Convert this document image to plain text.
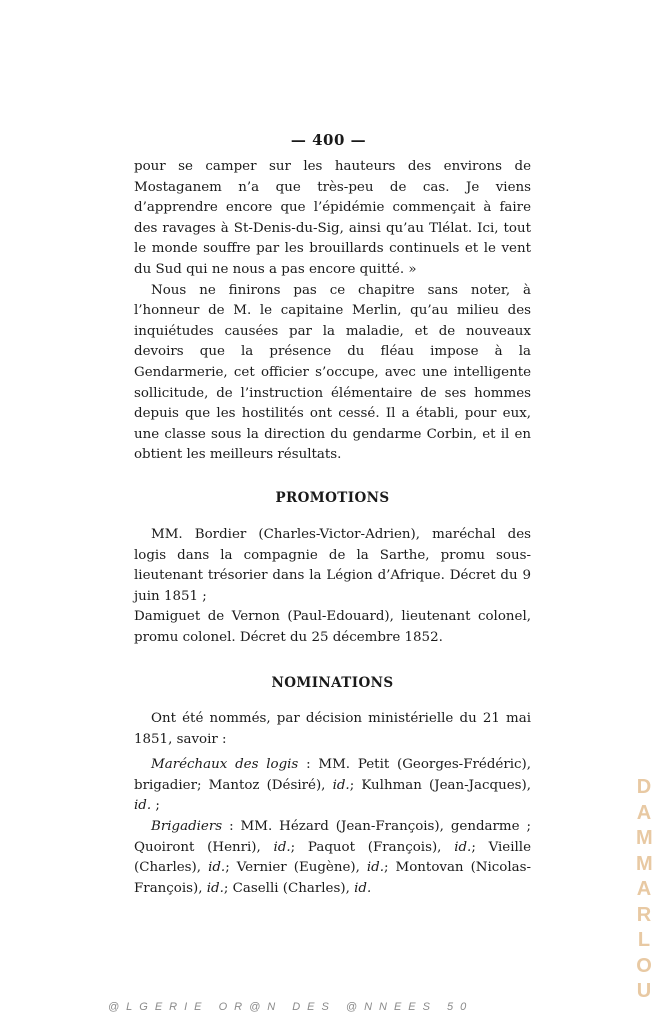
— 400 —

pour se camper sur les hauteurs des environs de Mostaganem n’a que très-peu de cas. Je viens d’apprendre encore que l’épidémie commençait à faire des ravages à St-Denis-du-Sig, ainsi qu’au Tlélat. Ici, tout le monde souffre par les brouillards continuels et le vent du Sud qui ne nous a pas encore quitté. »

Nous ne finirons pas ce chapitre sans noter, à l’honneur de M. le capitaine Merlin, qu’au milieu des inquiétudes causées par la maladie, et de nouveaux devoirs que la présence du fléau impose à la Gendarmerie, cet officier s’occupe, avec une intelligente sollicitude, de l’instruction élémentaire de ses hommes depuis que les hostilités ont cessé. Il a établi, pour eux, une classe sous la direction du gendarme Corbin, et il en obtient les meilleurs résultats.

PROMOTIONS

MM. Bordier (Charles-Victor-Adrien), maréchal des logis dans la compagnie de la Sarthe, promu sous-lieutenant trésorier dans la Légion d’Afrique. Décret du 9 juin 1851 ;

Damiguet de Vernon (Paul-Edouard), lieutenant colonel, promu colonel. Décret du 25 décembre 1852.

NOMINATIONS

Ont été nommés, par décision ministérielle du 21 mai 1851, savoir :

Maréchaux des logis : MM. Petit (Georges-Frédéric), brigadier; Mantoz (Désiré), id.; Kulhman (Jean-Jacques), id. ;

Brigadiers : MM. Hézard (Jean-François), gendarme ; Quoiront (Henri), id.; Paquot (François), id.; Vieille (Charles), id.; Vernier (Eugène), id.; Montovan (Nicolas-François), id.; Caselli (Charles), id.

DAMMARLOU
@LGERIE OR@N DES @NNEES 50
